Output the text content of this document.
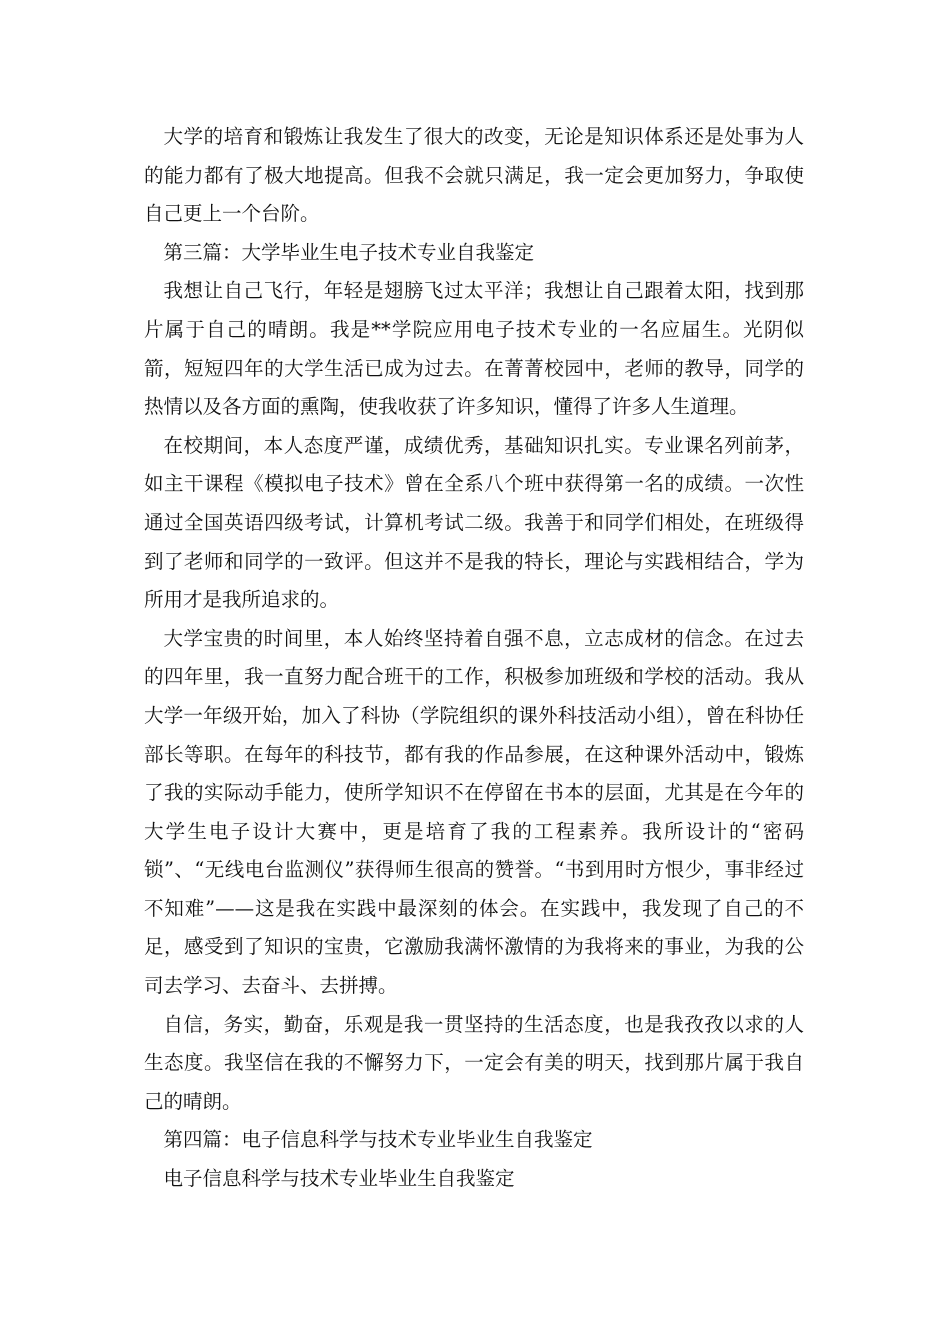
大学的培育和锻炼让我发生了很大的改变，无论是知识体系还是处事为人的能力都有了极大地提高。但我不会就只满足，我一定会更加努力，争取使自己更上一个台阶。

第三篇：大学毕业生电子技术专业自我鉴定

我想让自己飞行，年轻是翅膀飞过太平洋；我想让自己跟着太阳，找到那片属于自己的晴朗。我是**学院应用电子技术专业的一名应届生。光阴似箭，短短四年的大学生活已成为过去。在菁菁校园中，老师的教导，同学的热情以及各方面的熏陶，使我收获了许多知识，懂得了许多人生道理。

在校期间，本人态度严谨，成绩优秀，基础知识扎实。专业课名列前茅，如主干课程《模拟电子技术》曾在全系八个班中获得第一名的成绩。一次性通过全国英语四级考试，计算机考试二级。我善于和同学们相处，在班级得到了老师和同学的一致评。但这并不是我的特长，理论与实践相结合，学为所用才是我所追求的。

大学宝贵的时间里，本人始终坚持着自强不息，立志成材的信念。在过去的四年里，我一直努力配合班干的工作，积极参加班级和学校的活动。我从大学一年级开始，加入了科协（学院组织的课外科技活动小组），曾在科协任部长等职。在每年的科技节，都有我的作品参展，在这种课外活动中，锻炼了我的实际动手能力，使所学知识不在停留在书本的层面，尤其是在今年的大学生电子设计大赛中，更是培育了我的工程素养。我所设计的“密码锁”、“无线电台监测仪”获得师生很高的赞誉。“书到用时方恨少，事非经过不知难”——这是我在实践中最深刻的体会。在实践中，我发现了自己的不足，感受到了知识的宝贵，它激励我满怀激情的为我将来的事业，为我的公司去学习、去奋斗、去拼搏。

自信，务实，勤奋，乐观是我一贯坚持的生活态度，也是我孜孜以求的人生态度。我坚信在我的不懈努力下，一定会有美的明天，找到那片属于我自己的晴朗。

第四篇：电子信息科学与技术专业毕业生自我鉴定

电子信息科学与技术专业毕业生自我鉴定
